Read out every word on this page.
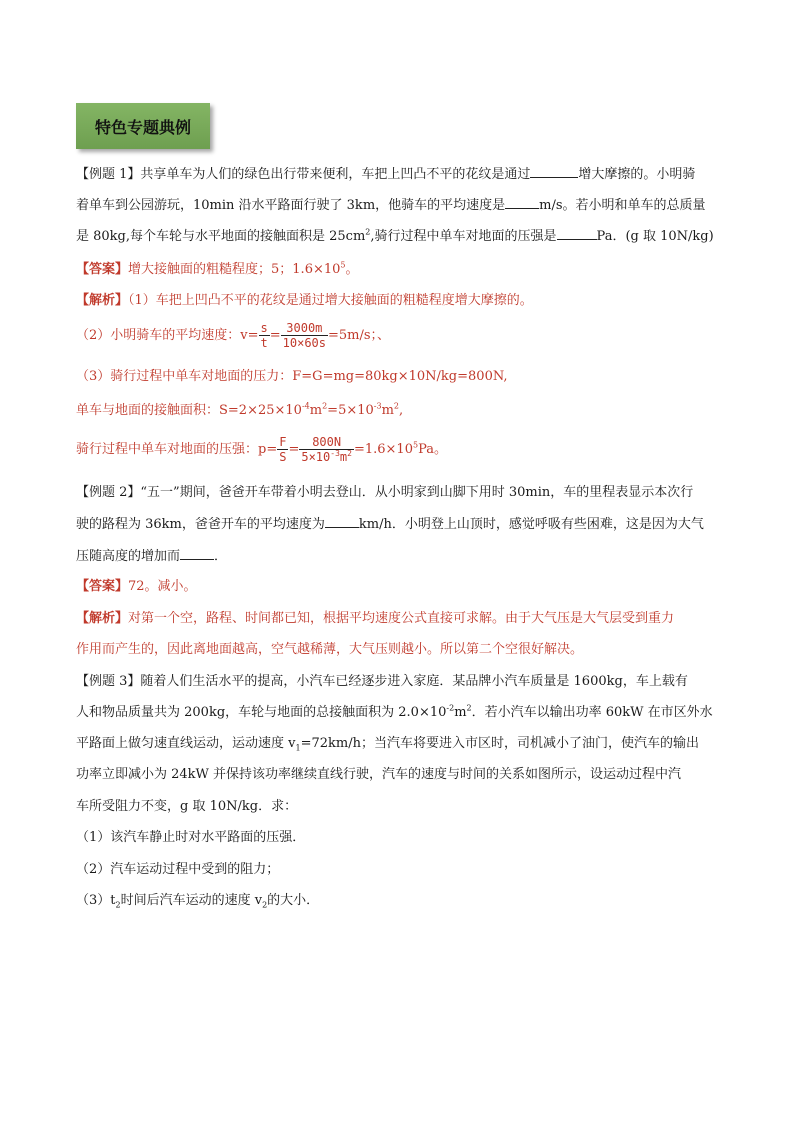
特色专题典例
【例题 1】共享单车为人们的绿色出行带来便利，车把上凹凸不平的花纹是通过	增大摩擦的。小明骑
着单车到公园游玩，10min 沿水平路面行驶了 3km，他骑车的平均速度是	m/s。若小明和单车的总质量
是 80kg,每个车轮与水平地面的接触面积是 $25cm^2$,骑行过程中单车对地面的压强是	Pa．(g 取 10N/kg)
【答案】增大接触面的粗糙程度；5；$1.6\times 10^5$。
【解析】（1）车把上凹凸不平的花纹是通过增大接触面的粗糙程度增大摩擦的。
（2）小明骑车的平均速度：$v= \frac{s}{t} = \frac{3000m}{10\times 60s} =5m/s$；、
（3）骑行过程中单车对地面的压力：F=G=mg=80kg×10N/kg=800N,
单车与地面的接触面积：$S=2\times 25\times 10^{-4}m^2=5\times 10^{-3}m^2$,
骑行过程中单车对地面的压强：$p= \frac{F}{S} = \frac{800N}{5\times 10^{-3}m^2} =1.6\times 10^5Pa$。
【例题 2】“五一”期间，爸爸开车带着小明去登山．从小明家到山脚下用时 30min，车的里程表显示本次行
驶的路程为 36km，爸爸开车的平均速度为	km/h．小明登上山顶时，感觉呼吸有些困难，这是因为大气
压随高度的增加而	．
【答案】72。减小。
【解析】对第一个空，路程、时间都已知，根据平均速度公式直接可求解。由于大气压是大气层受到重力
作用而产生的，因此离地面越高，空气越稀薄，大气压则越小。所以第二个空很好解决。
【例题 3】随着人们生活水平的提高，小汽车已经逐步进入家庭．某品牌小汽车质量是 1600kg，车上载有
人和物品质量共为 200kg，车轮与地面的总接触面积为 $2.0\times 10^{-2}m^2$．若小汽车以输出功率 60kW 在市区外水
平路面上做匀速直线运动，运动速度 $v_1=72km/h$；当汽车将要进入市区时，司机减小了油门，使汽车的输出
功率立即减小为 24kW 并保持该功率继续直线行驶，汽车的速度与时间的关系如图所示，设运动过程中汽
车所受阻力不变，g 取 10N/kg．求：
（1）该汽车静止时对水平路面的压强．
（2）汽车运动过程中受到的阻力；
$(3)t_2$时间后汽车运动的速度 $v_2$的大小．
